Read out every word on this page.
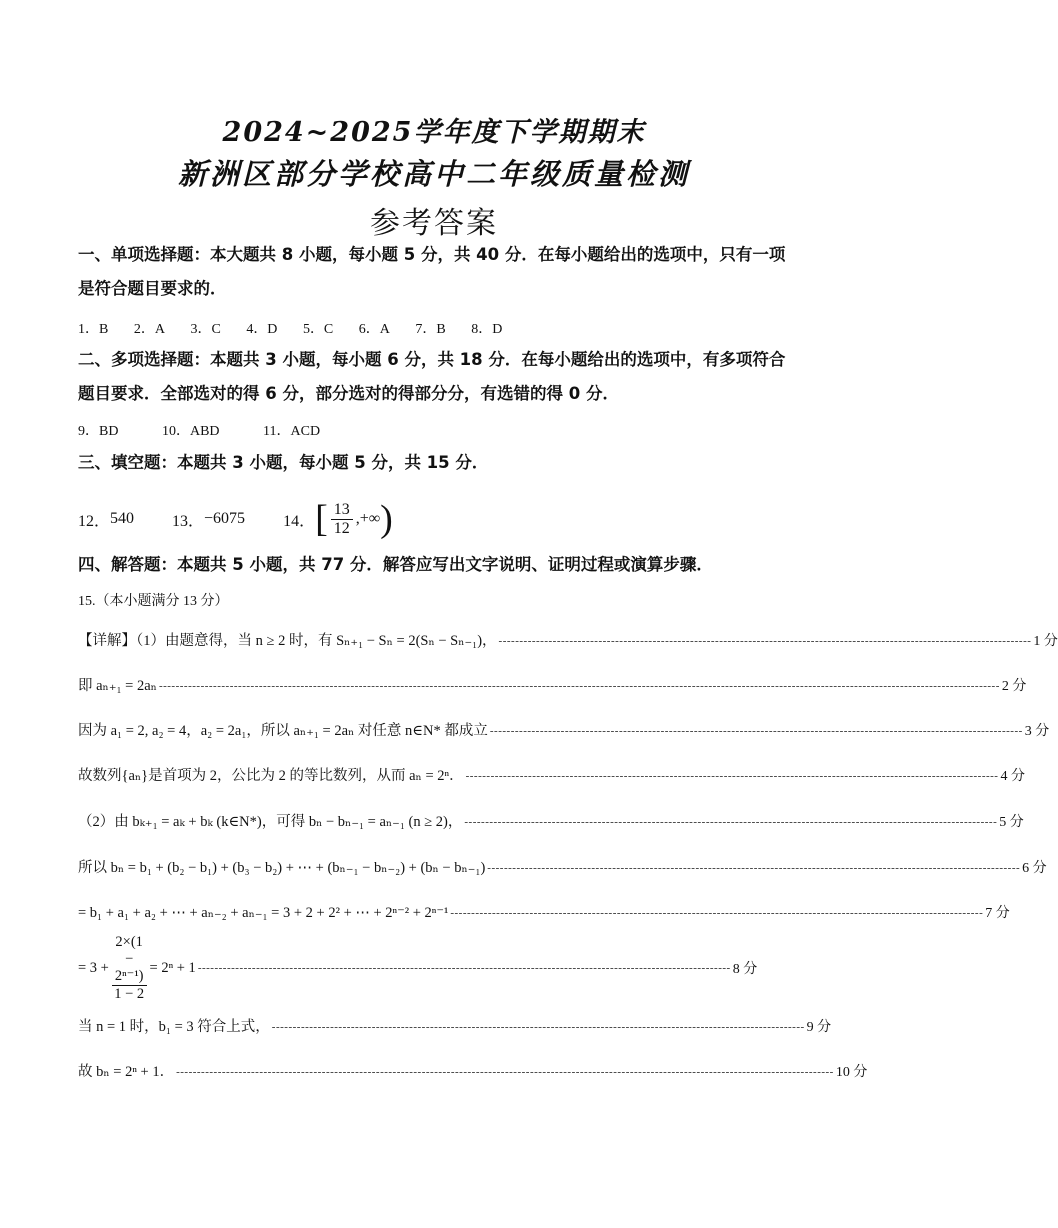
2024~2025学年度下学期期末
新洲区部分学校高中二年级质量检测
参考答案
一、单项选择题：本大题共 8 小题，每小题 5 分，共 40 分．在每小题给出的选项中，只有一项是符合题目要求的．
1．B 2．A 3．C 4．D 5．C 6．A 7．B 8．D
二、多项选择题：本题共 3 小题，每小题 6 分，共 18 分．在每小题给出的选项中，有多项符合题目要求．全部选对的得 6 分，部分选对的得部分分，有选错的得 0 分．
9．BD	10．ABD	11．ACD
三、填空题：本题共 3 小题，每小题 5 分，共 15 分．
12． 540 13． −6075 14． [ $\frac{13}{12}$ ,+∞ )
四、解答题：本题共 5 小题，共 77 分．解答应写出文字说明、证明过程或演算步骤．
15.（本小题满分 13 分）
【详解】（1）由题意得，当 n ≥ 2 时，有 Sₙ₊₁ − Sₙ = 2(Sₙ − Sₙ₋₁)， -------------------------------------------------------------------------------------------------------------------------------- 1 分
即 aₙ₊₁ = 2aₙ ---------------------------------------------------------------------------------------------------------------------------------------------------------------------------------------------------------- 2 分
因为 a₁ = 2, a₂ = 4，a₂ = 2a₁，所以 aₙ₊₁ = 2aₙ 对任意 n∈N* 都成立 -------------------------------------------------------------------------------------------------------------------------------- 3 分
故数列{aₙ}是首项为 2，公比为 2 的等比数列，从而 aₙ = 2ⁿ． -------------------------------------------------------------------------------------------------------------------------------- 4 分
（2）由 bₖ₊₁ = aₖ + bₖ (k∈N*)，可得 bₙ − bₙ₋₁ = aₙ₋₁ (n ≥ 2)， -------------------------------------------------------------------------------------------------------------------------------- 5 分
所以 bₙ = b₁ + (b₂ − b₁) + (b₃ − b₂) + ⋯ + (bₙ₋₁ − bₙ₋₂) + (bₙ − bₙ₋₁) -------------------------------------------------------------------------------------------------------------------------------- 6 分
= b₁ + a₁ + a₂ + ⋯ + aₙ₋₂ + aₙ₋₁ = 3 + 2 + 2² + ⋯ + 2ⁿ⁻² + 2ⁿ⁻¹ -------------------------------------------------------------------------------------------------------------------------------- 7 分
= $3 + \frac{\text{2×(1 − 2ⁿ⁻¹)}}{1 - 2} = 2^n + 1$ -------------------------------------------------------------------------------------------------------------------------------- 8 分
当 n = 1 时，b₁ = 3 符合上式， -------------------------------------------------------------------------------------------------------------------------------- 9 分
故 bₙ = 2ⁿ + 1． -------------------------------------------------------------------------------------------------------------------------------------------------------------- 10 分
